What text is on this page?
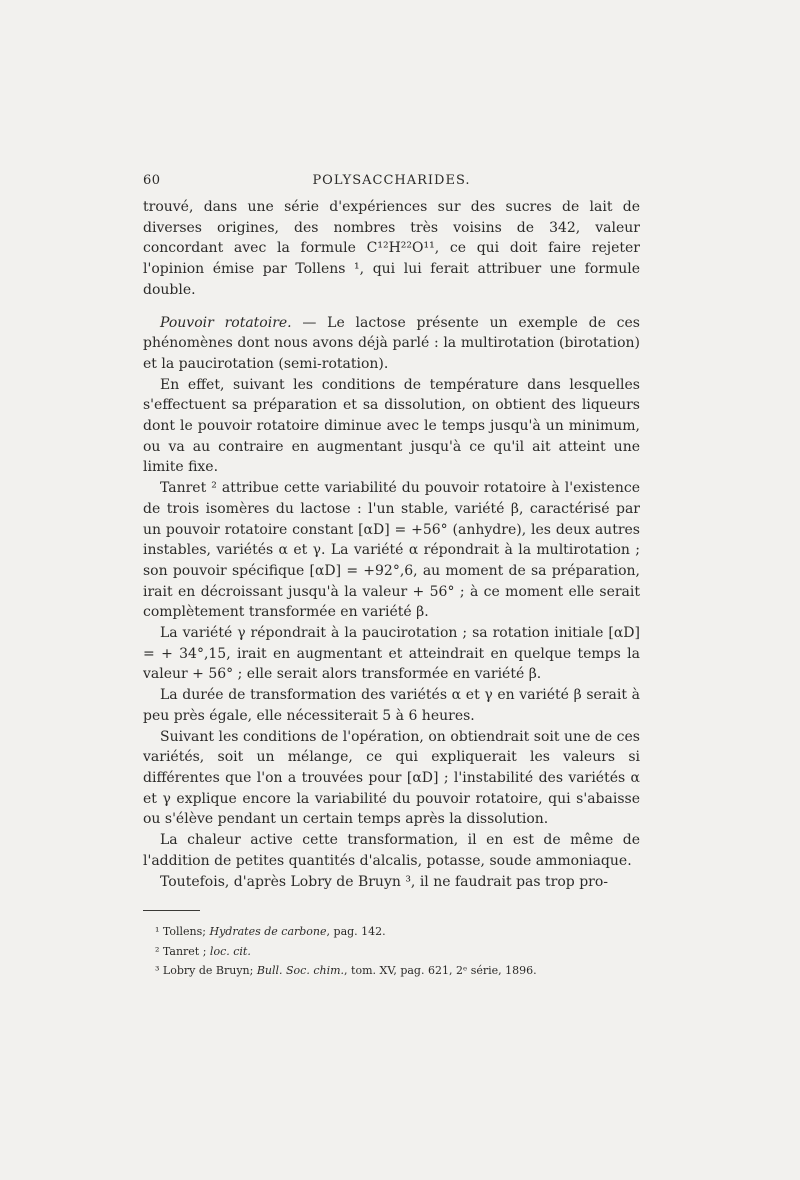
60	POLYSACCHARIDES.

trouvé, dans une série d'expériences sur des sucres de lait de diverses origines, des nombres très voisins de 342, valeur concordant avec la formule C¹²H²²O¹¹, ce qui doit faire rejeter l'opinion émise par Tollens ¹, qui lui ferait attribuer une formule double.

Pouvoir rotatoire. — Le lactose présente un exemple de ces phénomènes dont nous avons déjà parlé : la multirotation (birotation) et la paucirotation (semi-rotation).

En effet, suivant les conditions de température dans lesquelles s'effectuent sa préparation et sa dissolution, on obtient des liqueurs dont le pouvoir rotatoire diminue avec le temps jusqu'à un minimum, ou va au contraire en augmentant jusqu'à ce qu'il ait atteint une limite fixe.

Tanret ² attribue cette variabilité du pouvoir rotatoire à l'existence de trois isomères du lactose : l'un stable, variété β, caractérisé par un pouvoir rotatoire constant [αD] = +56° (anhydre), les deux autres instables, variétés α et γ. La variété α répondrait à la multirotation ; son pouvoir spécifique [αD] = +92°,6, au moment de sa préparation, irait en décroissant jusqu'à la valeur + 56° ; à ce moment elle serait complètement transformée en variété β.

La variété γ répondrait à la paucirotation ; sa rotation initiale [αD] = + 34°,15, irait en augmentant et atteindrait en quelque temps la valeur + 56° ; elle serait alors transformée en variété β.

La durée de transformation des variétés α et γ en variété β serait à peu près égale, elle nécessiterait 5 à 6 heures.

Suivant les conditions de l'opération, on obtiendrait soit une de ces variétés, soit un mélange, ce qui expliquerait les valeurs si différentes que l'on a trouvées pour [αD] ; l'instabilité des variétés α et γ explique encore la variabilité du pouvoir rotatoire, qui s'abaisse ou s'élève pendant un certain temps après la dissolution.

La chaleur active cette transformation, il en est de même de l'addition de petites quantités d'alcalis, potasse, soude ammoniaque.

Toutefois, d'après Lobry de Bruyn ³, il ne faudrait pas trop pro-

¹ Tollens; Hydrates de carbone, pag. 142.
² Tanret ; loc. cit.
³ Lobry de Bruyn; Bull. Soc. chim., tom. XV, pag. 621, 2ᵉ série, 1896.
